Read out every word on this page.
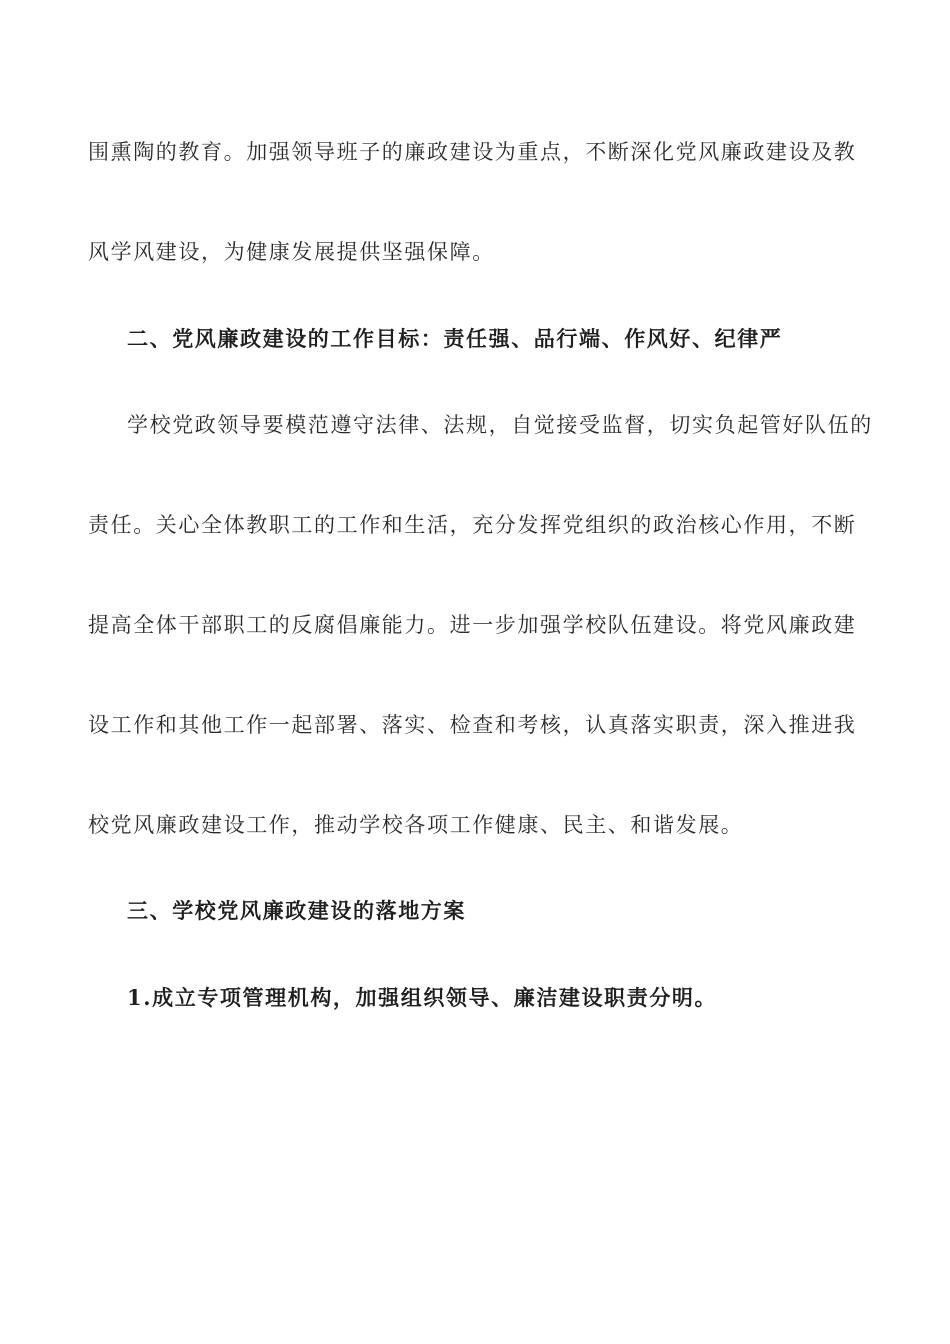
围熏陶的教育。加强领导班子的廉政建设为重点，不断深化党风廉政建设及教
风学风建设，为健康发展提供坚强保障。
二、党风廉政建设的工作目标：责任强、品行端、作风好、纪律严
学校党政领导要模范遵守法律、法规，自觉接受监督，切实负起管好队伍的
责任。关心全体教职工的工作和生活，充分发挥党组织的政治核心作用，不断
提高全体干部职工的反腐倡廉能力。进一步加强学校队伍建设。将党风廉政建
设工作和其他工作一起部署、落实、检查和考核，认真落实职责，深入推进我
校党风廉政建设工作，推动学校各项工作健康、民主、和谐发展。
三、学校党风廉政建设的落地方案
1.成立专项管理机构，加强组织领导、廉洁建设职责分明。
